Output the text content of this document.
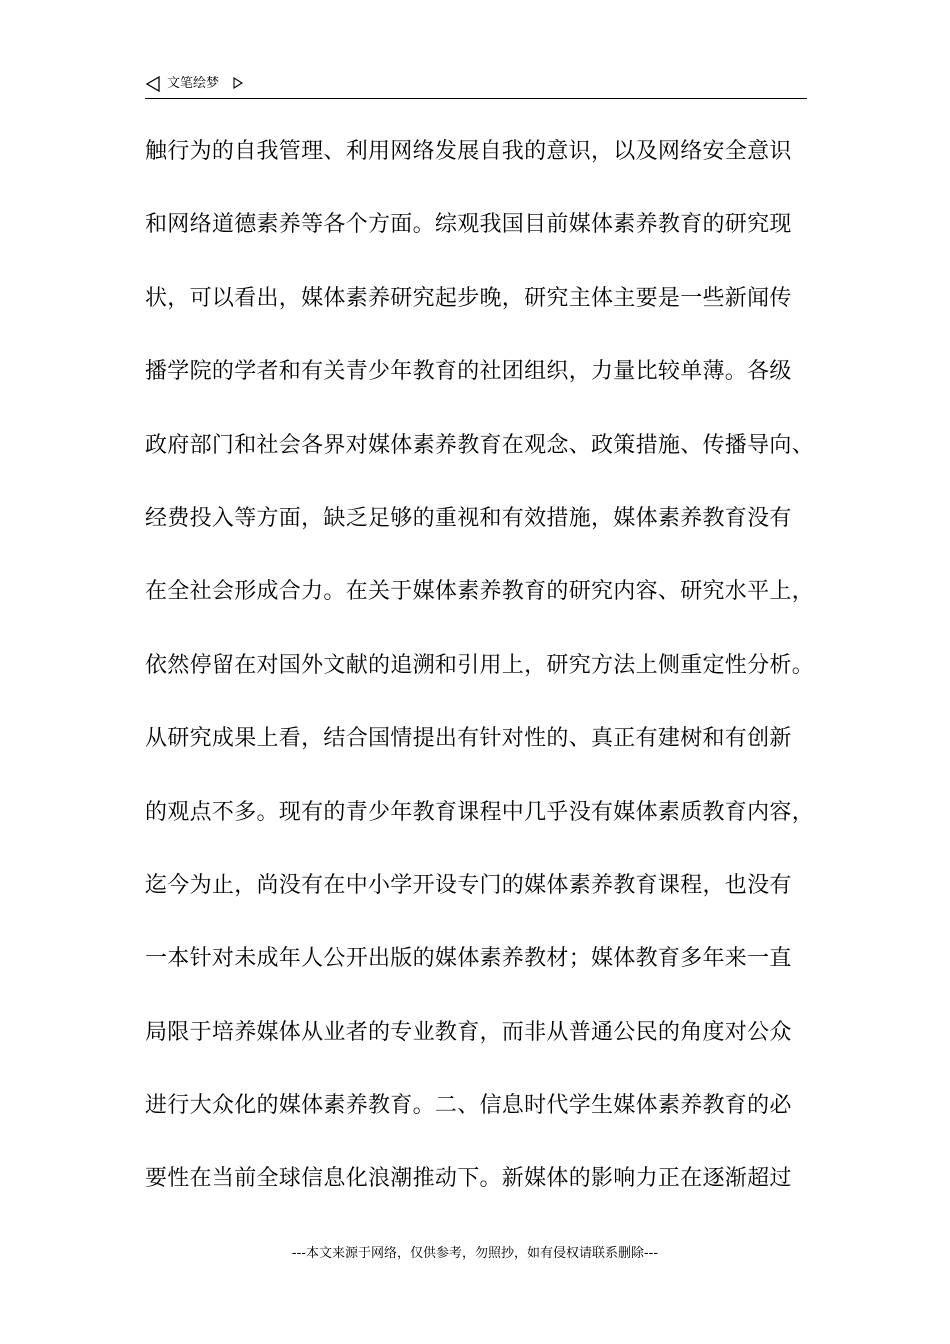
文笔绘梦
触行为的自我管理、利用网络发展自我的意识，以及网络安全意识
和网络道德素养等各个方面。综观我国目前媒体素养教育的研究现
状，可以看出，媒体素养研究起步晚，研究主体主要是一些新闻传
播学院的学者和有关青少年教育的社团组织，力量比较单薄。各级
政府部门和社会各界对媒体素养教育在观念、政策措施、传播导向、
经费投入等方面，缺乏足够的重视和有效措施，媒体素养教育没有
在全社会形成合力。在关于媒体素养教育的研究内容、研究水平上，
依然停留在对国外文献的追溯和引用上，研究方法上侧重定性分析。
从研究成果上看，结合国情提出有针对性的、真正有建树和有创新
的观点不多。现有的青少年教育课程中几乎没有媒体素质教育内容，
迄今为止，尚没有在中小学开设专门的媒体素养教育课程，也没有
一本针对未成年人公开出版的媒体素养教材；媒体教育多年来一直
局限于培养媒体从业者的专业教育，而非从普通公民的角度对公众
进行大众化的媒体素养教育。二、信息时代学生媒体素养教育的必
要性在当前全球信息化浪潮推动下。新媒体的影响力正在逐渐超过
---本文来源于网络，仅供参考，勿照抄，如有侵权请联系删除---
